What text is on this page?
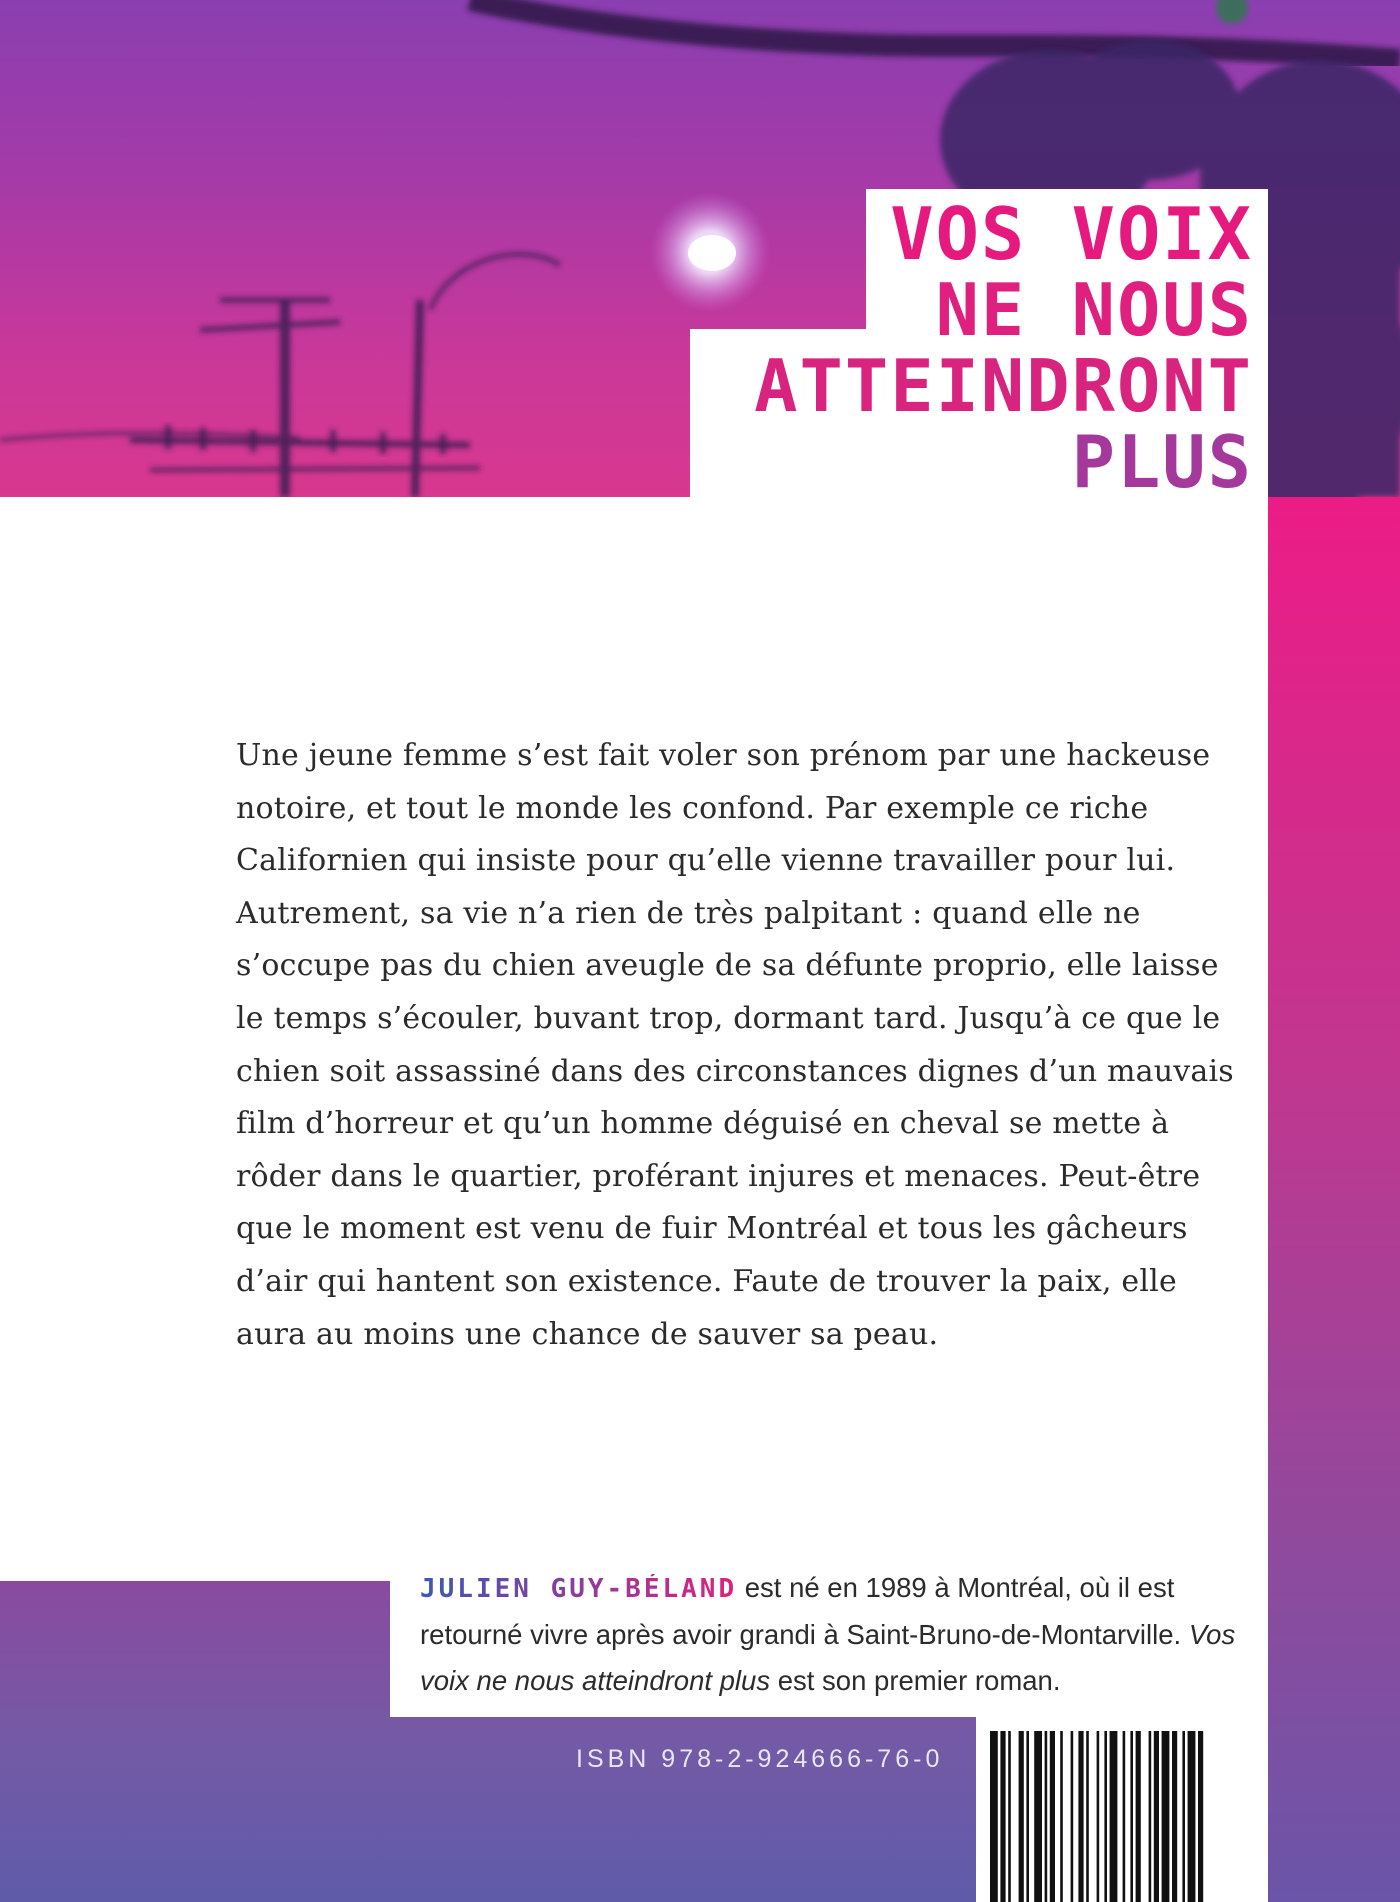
VOS VOIX

NE NOUS

ATTEINDRONT

PLUS

Une jeune femme s’est fait voler son prénom par une hackeuse notoire, et tout le monde les confond. Par exemple ce riche Californien qui insiste pour qu’elle vienne travailler pour lui. Autrement, sa vie n’a rien de très palpitant : quand elle ne s’occupe pas du chien aveugle de sa défunte proprio, elle laisse le temps s’écouler, buvant trop, dormant tard. Jusqu’à ce que le chien soit assassiné dans des circonstances dignes d’un mauvais film d’horreur et qu’un homme déguisé en cheval se mette à rôder dans le quartier, proférant injures et menaces. Peut-être que le moment est venu de fuir Montréal et tous les gâcheurs d’air qui hantent son existence. Faute de trouver la paix, elle aura au moins une chance de sauver sa peau.

JULIEN GUY-BÉLAND est né en 1989 à Montréal, où il est retourné vivre après avoir grandi à Saint-Bruno-de-Montarville. Vos voix ne nous atteindront plus est son premier roman.

ISBN 978-2-924666-76-0
